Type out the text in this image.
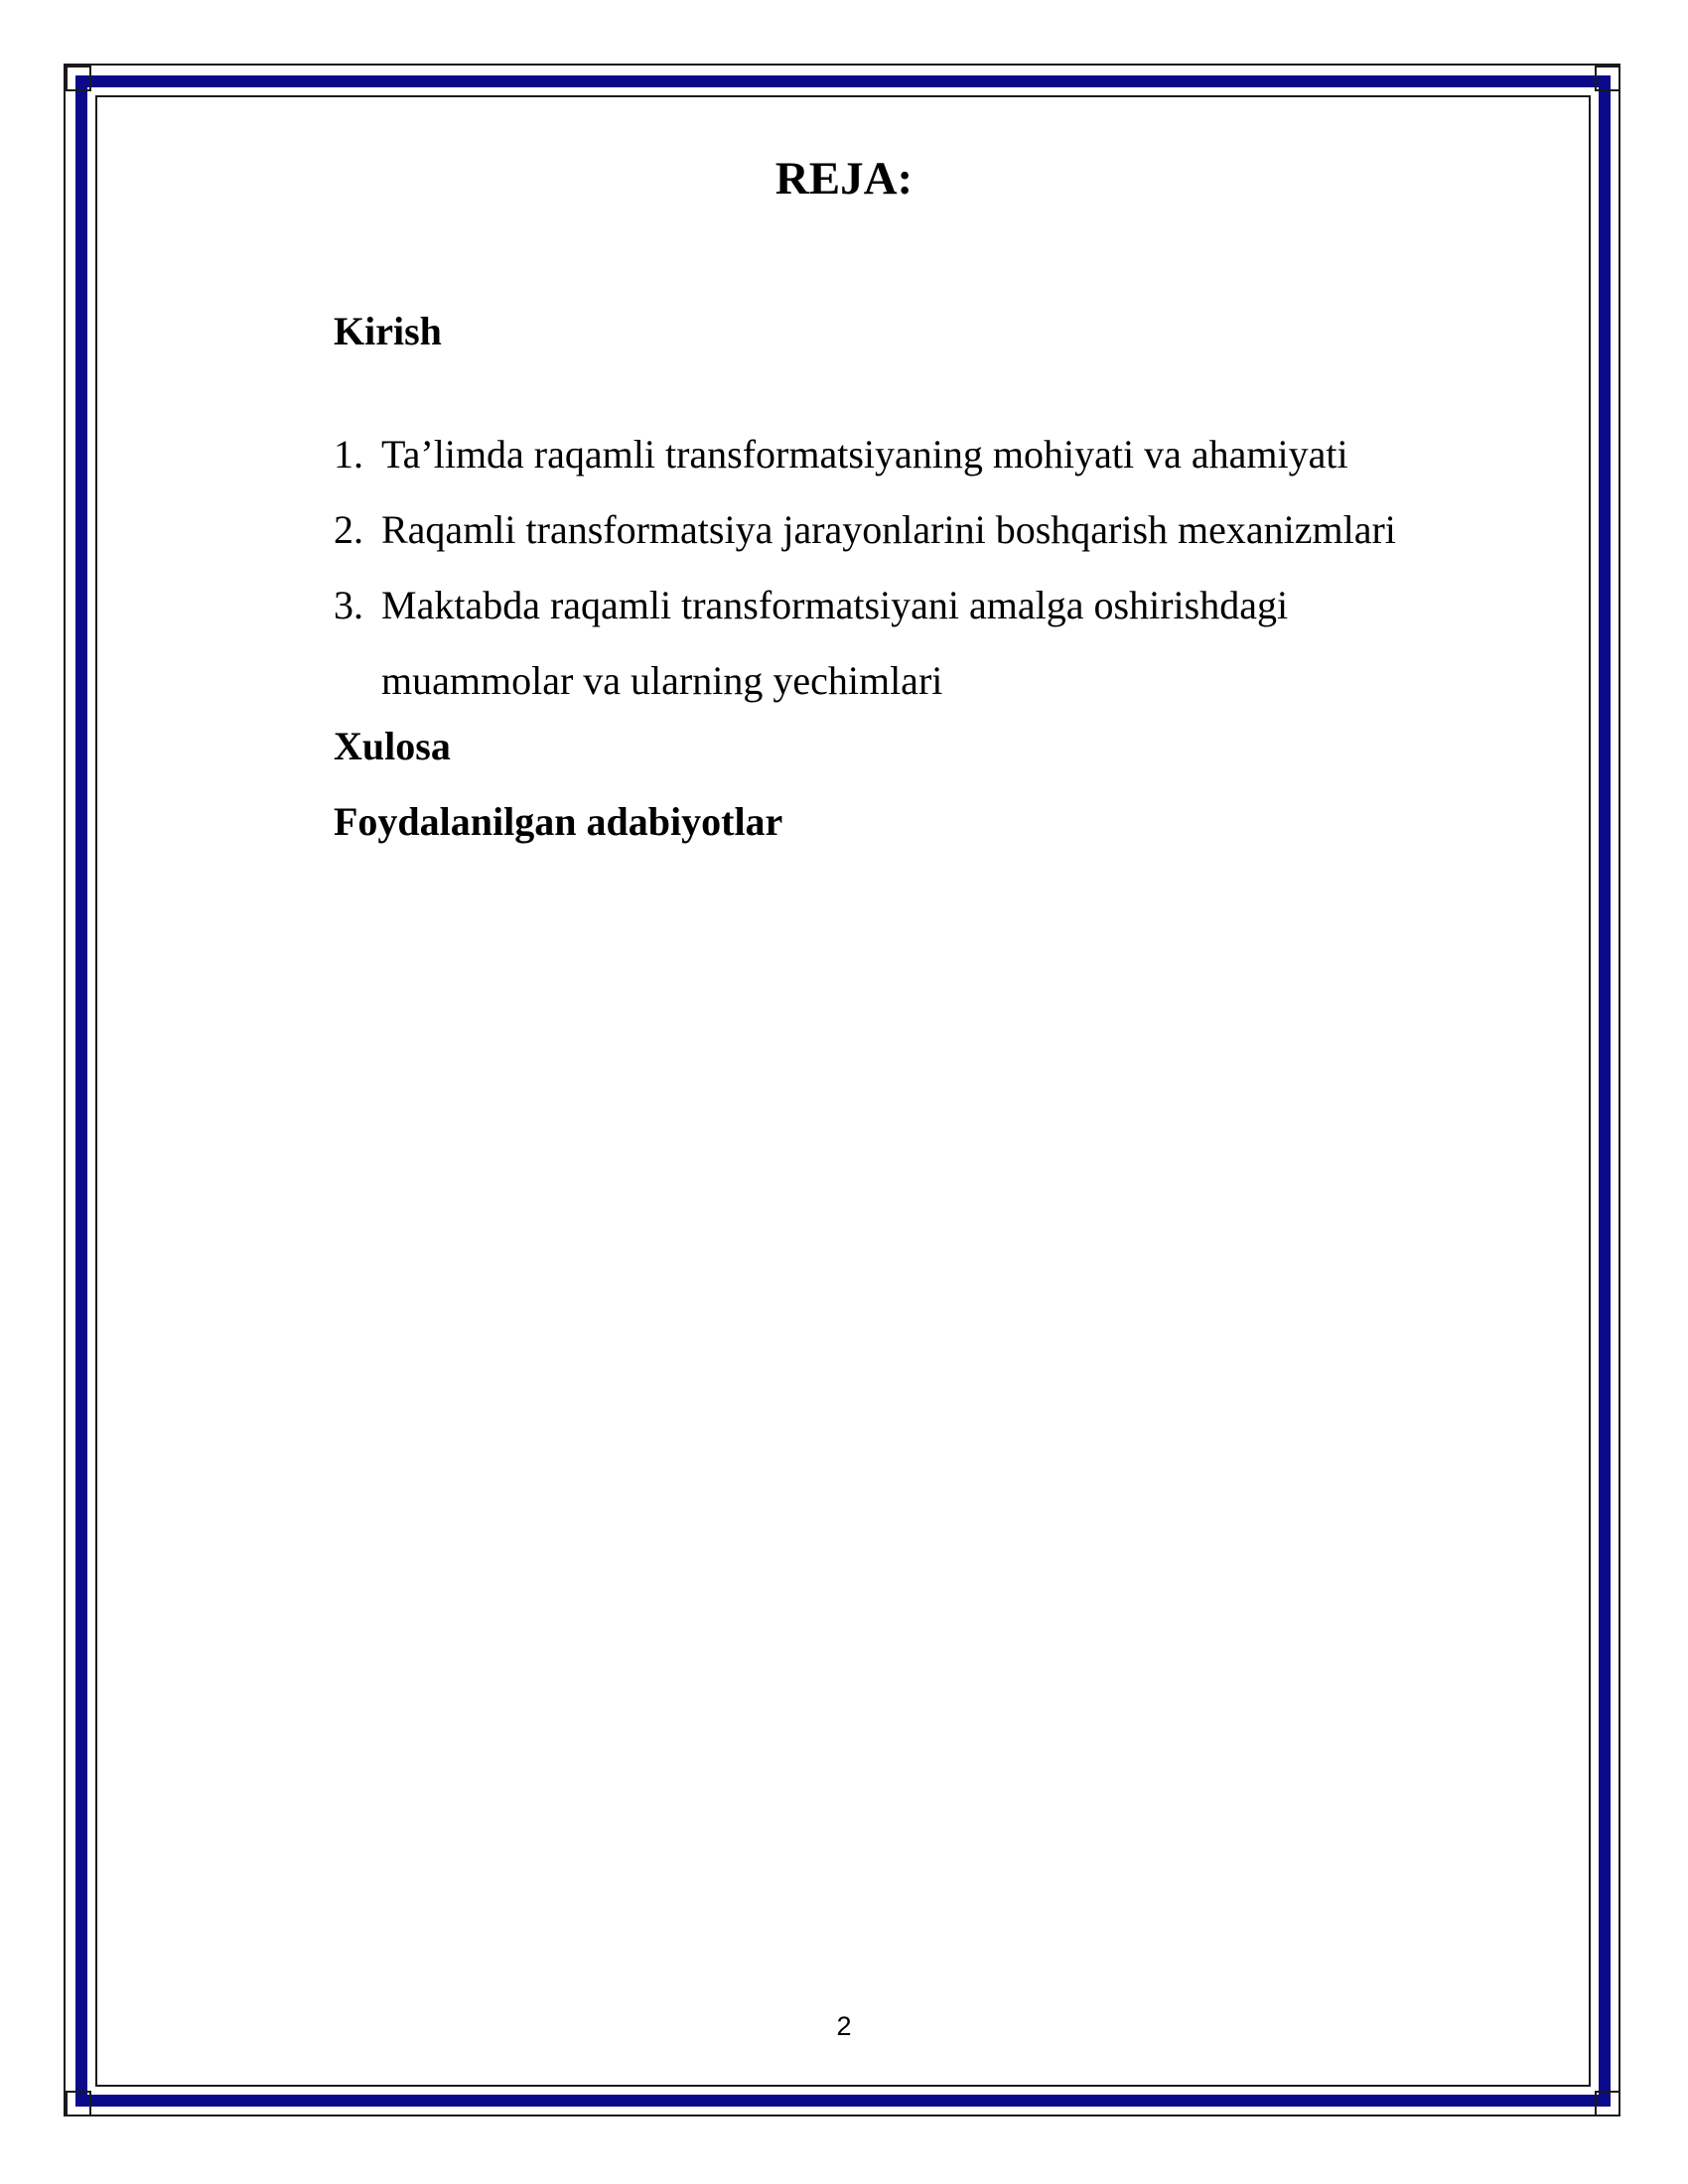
REJA:
Kirish
1. Ta’limda raqamli transformatsiyaning mohiyati va ahamiyati
2. Raqamli transformatsiya jarayonlarini boshqarish mexanizmlari
3. Maktabda raqamli transformatsiyani amalga oshirishdagi muammolar va ularning yechimlari
Xulosa
Foydalanilgan adabiyotlar
2
